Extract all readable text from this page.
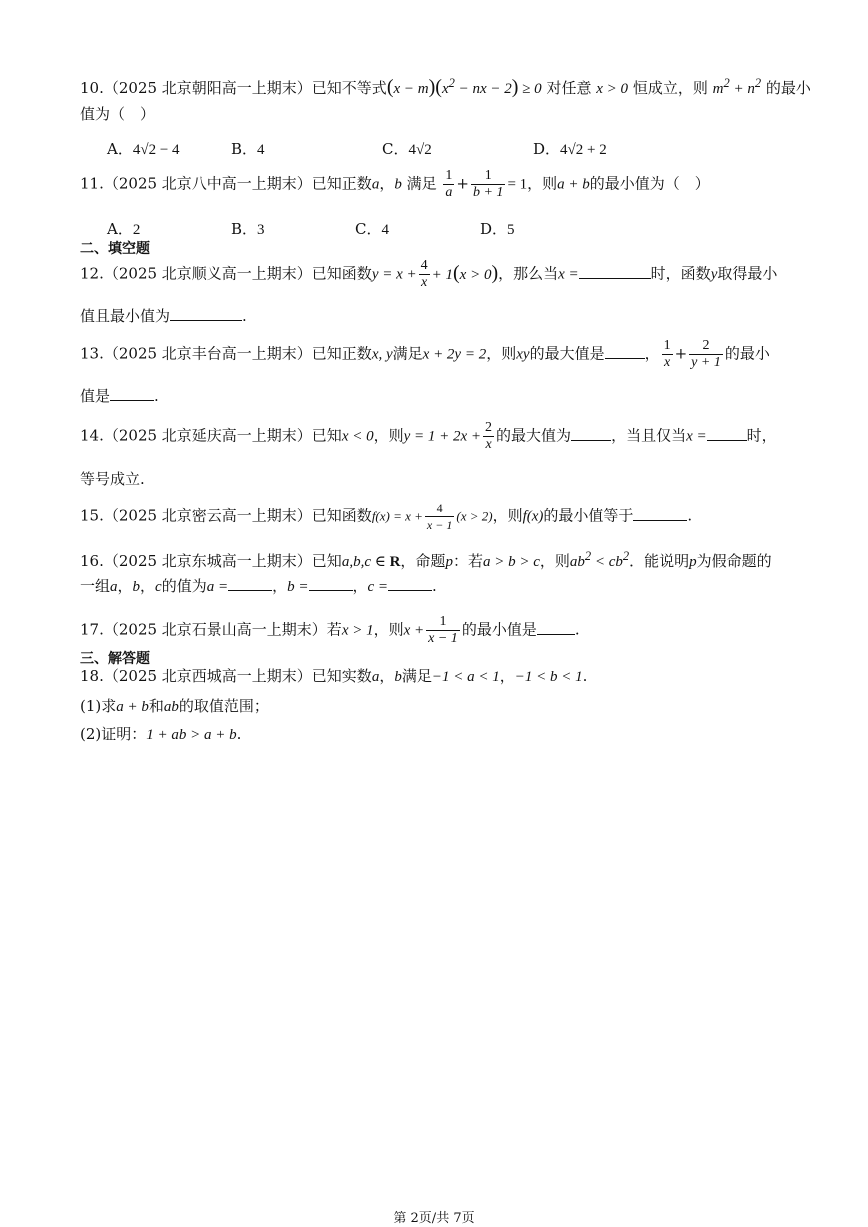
10.（2025 北京朝阳高一上期末）已知不等式$(x - m)(x^2$ − nx − 2) ≥ 0 对任意 x > 0 恒成立，则 $m^2 + n^2$ 的最小
值为（　）
A．4√2 − 4	B．4	C．4√2	D．4√2 + 2
11.（2025 北京八中高一上期末）已知正数a，b 满足 $\frac{1}{a} + \frac{1}{b + 1} = 1$，则a + b的最小值为（　）
A．2	B．3	C．4	D．5
二、填空题
12.（2025 北京顺义高一上期末）已知函数$y = x + \frac{4}{x} + 1(x > 0)$，那么当x =	时，函数y取得最小
值且最小值为	.
13.（2025 北京丰台高一上期末）已知正数x, y满足x + 2y = 2，则xy的最大值是	， $\frac{1}{x} + \frac{2}{y + 1}$ 的最小
值是	.
14.（2025 北京延庆高一上期末）已知x < 0，则$y = 1 + 2x + \frac{2}{x}$ 的最大值为	，当且仅当x =	时，
等号成立.
15.（2025 北京密云高一上期末）已知函数$f(x) = x + \frac{4}{x - 1} (x > 2)$，则f(x)的最小值等于	.
16.（2025 北京东城高一上期末）已知a,b,c ∈ R，命题p：若a > b > c，则$ab^2 < cb^2$．能说明p为假命题的
一组a，b，c的值为a =	，b =	，c =	.
17.（2025 北京石景山高一上期末）若x > 1，则$x + \frac{1}{x - 1}$ 的最小值是	.
三、解答题
18.（2025 北京西城高一上期末）已知实数a，b满足−1 < a < 1，−1 < b < 1.
(1)求a + b和ab的取值范围；
(2)证明：1 + ab > a + b.
第 2页/共 7页
